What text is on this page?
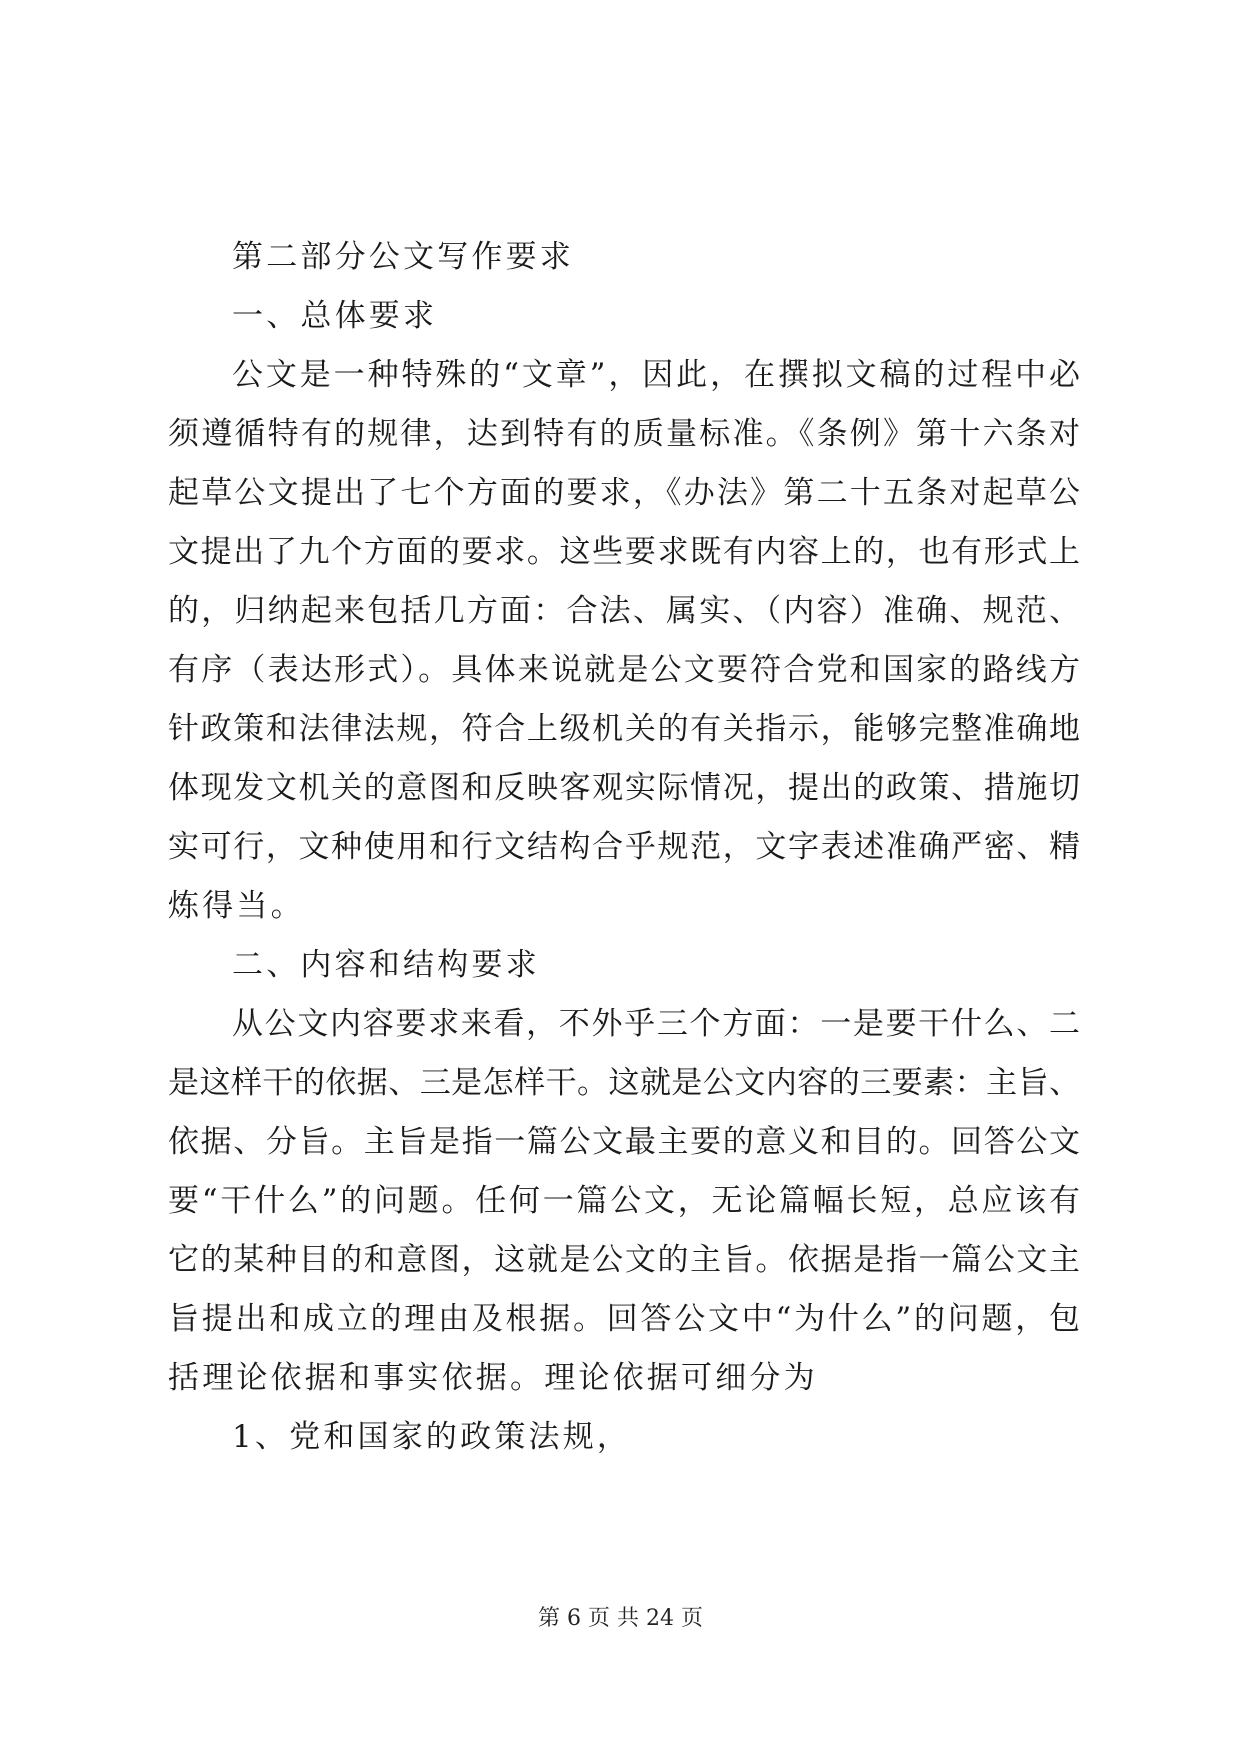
第二部分公文写作要求
一、总体要求
公文是一种特殊的“文章”，因此，在撰拟文稿的过程中必
须遵循特有的规律，达到特有的质量标准。《条例》第十六条对
起草公文提出了七个方面的要求，《办法》第二十五条对起草公
文提出了九个方面的要求。这些要求既有内容上的，也有形式上
的，归纳起来包括几方面：合法、属实、（内容）准确、规范、
有序（表达形式）。具体来说就是公文要符合党和国家的路线方
针政策和法律法规，符合上级机关的有关指示，能够完整准确地
体现发文机关的意图和反映客观实际情况，提出的政策、措施切
实可行，文种使用和行文结构合乎规范，文字表述准确严密、精
炼得当。
二、内容和结构要求
从公文内容要求来看，不外乎三个方面：一是要干什么、二
是这样干的依据、三是怎样干。这就是公文内容的三要素：主旨、
依据、分旨。主旨是指一篇公文最主要的意义和目的。回答公文
要“干什么”的问题。任何一篇公文，无论篇幅长短，总应该有
它的某种目的和意图，这就是公文的主旨。依据是指一篇公文主
旨提出和成立的理由及根据。回答公文中“为什么”的问题，包
括理论依据和事实依据。理论依据可细分为
1、党和国家的政策法规，
第 6 页 共 24 页
